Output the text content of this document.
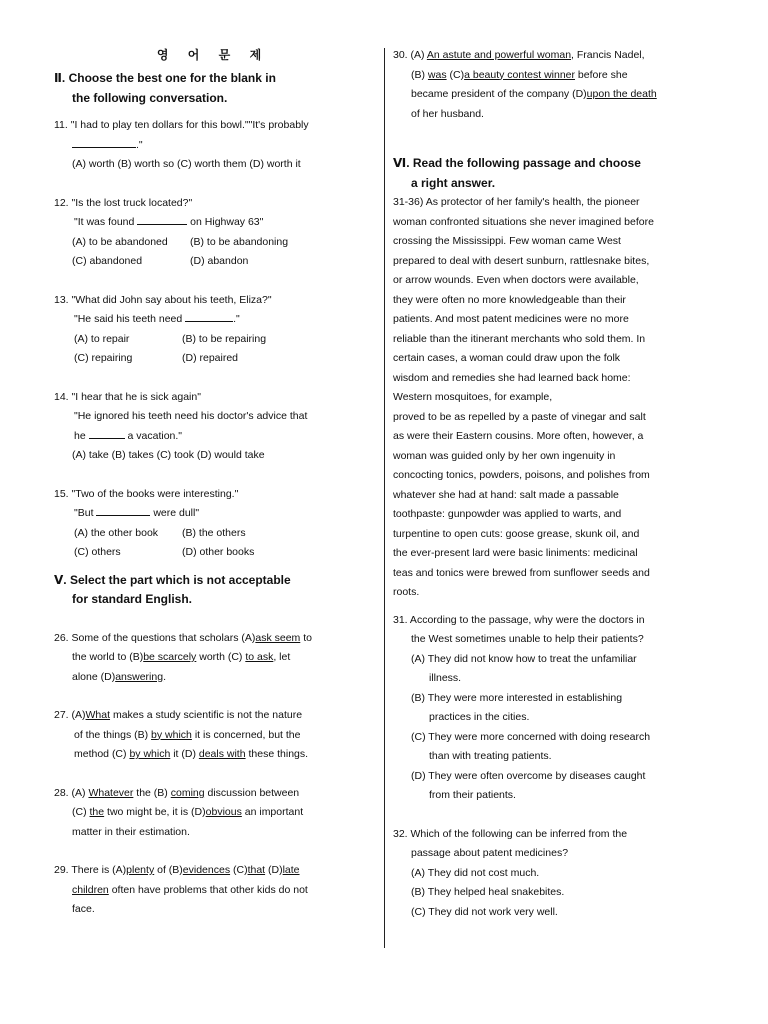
영 어 문 제
Ⅱ. Choose the best one for the blank in
the following conversation.
11. "I had to play ten dollars for this bowl.""It's probably
."
(A) worth (B) worth so (C) worth them (D) worth it
12. "Is the lost truck located?"
"It was found	on Highway 63"
(A) to be abandoned (B) to be abandoning
(C) abandoned	(D) abandon
13. "What did John say about his teeth, Eliza?"
"He said his teeth need	."
(A) to repair	(B) to be repairing
(C) repairing	(D) repaired
14. "I hear that he is sick again"
"He ignored his teeth need his doctor's advice that
he	a vacation."
(A) take (B) takes (C) took (D) would take
15. "Two of the books were interesting."
"But	were dull"
(A) the other book (B) the others
(C) others	(D) other books
Ⅴ. Select the part which is not acceptable
for standard English.
26. Some of the questions that scholars (A)ask seem to
the world to (B)be scarcely worth (C) to ask, let
alone (D)answering.
27. (A)What makes a study scientific is not the nature
of the things (B) by which it is concerned, but the
method (C) by which it (D) deals with these things.
28. (A) Whatever the (B) coming discussion between
(C) the two might be, it is (D)obvious an important
matter in their estimation.
29. There is (A)plenty of (B)evidences (C)that (D)late
children often have problems that other kids do not
face.
30. (A) An astute and powerful woman, Francis Nadel,
(B) was (C)a beauty contest winner before she
became president of the company (D)upon the death
of her husband.
Ⅵ. Read the following passage and choose
a right answer.
31-36) As protector of her family's health, the pioneer
woman confronted situations she never imagined before
crossing the Mississippi. Few woman came West
prepared to deal with desert sunburn, rattlesnake bites,
or arrow wounds. Even when doctors were available,
they were often no more knowledgeable than their
patients. And most patent medicines were no more
reliable than the itinerant merchants who sold them. In
certain cases, a woman could draw upon the folk
wisdom and remedies she had learned back home:
Western mosquitoes, for example,
proved to be as repelled by a paste of vinegar and salt
as were their Eastern cousins. More often, however, a
woman was guided only by her own ingenuity in
concocting tonics, powders, poisons, and polishes from
whatever she had at hand: salt made a passable
toothpaste: gunpowder was applied to warts, and
turpentine to open cuts: goose grease, skunk oil, and
the ever-present lard were basic liniments: medicinal
teas and tonics were brewed from sunflower seeds and
roots.
31. According to the passage, why were the doctors in
the West sometimes unable to help their patients?
(A) They did not know how to treat the unfamiliar
illness.
(B) They were more interested in establishing
practices in the cities.
(C) They were more concerned with doing research
than with treating patients.
(D) They were often overcome by diseases caught
from their patients.
32. Which of the following can be inferred from the
passage about patent medicines?
(A) They did not cost much.
(B) They helped heal snakebites.
(C) They did not work very well.
